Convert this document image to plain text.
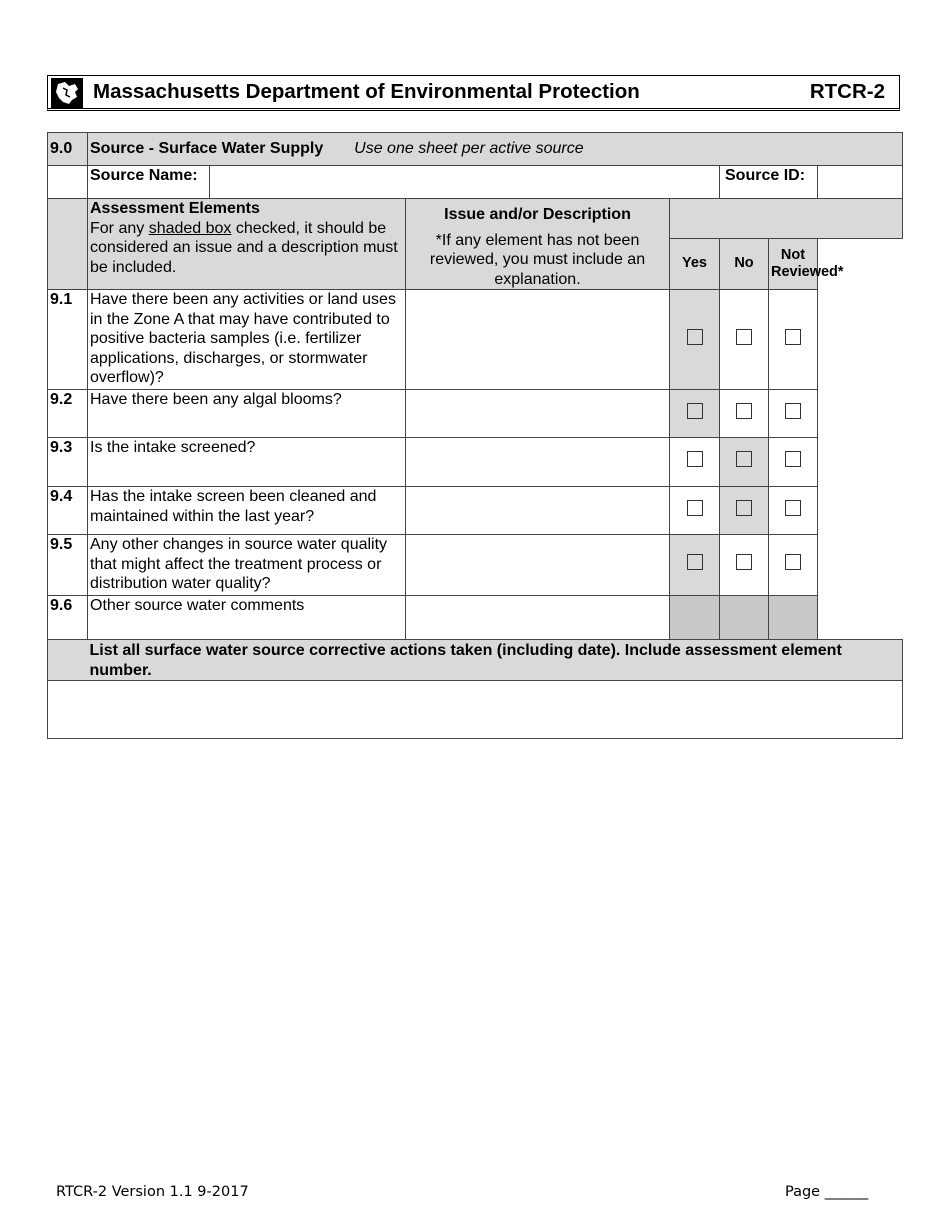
Massachusetts Department of Environmental Protection	RTCR-2
9.0	Source - Surface Water Supply Use one sheet per active source						
	Source Name:				Source ID:		

	Assessment Elements
For any shaded box checked, it should be considered an issue and a description must be included.		Issue and/or Description
*If any element has not been reviewed, you must include an explanation.				
				Yes	No	Not Reviewed*	
9.1	Have there been any activities or land uses in the Zone A that may have contributed to positive bacteria samples (i.e. fertilizer applications, discharges, or stormwater overflow)?						
9.2	Have there been any algal blooms?						
9.3	Is the intake screened?						
9.4	Has the intake screen been cleaned and maintained within the last year?						
9.5	Any other changes in source water quality that might affect the treatment process or distribution water quality?						
9.6	Other source water comments						
	List all surface water source corrective actions taken (including date). Include assessment element number.						

RTCR-2 Version 1.1 9-2017	Page ______
